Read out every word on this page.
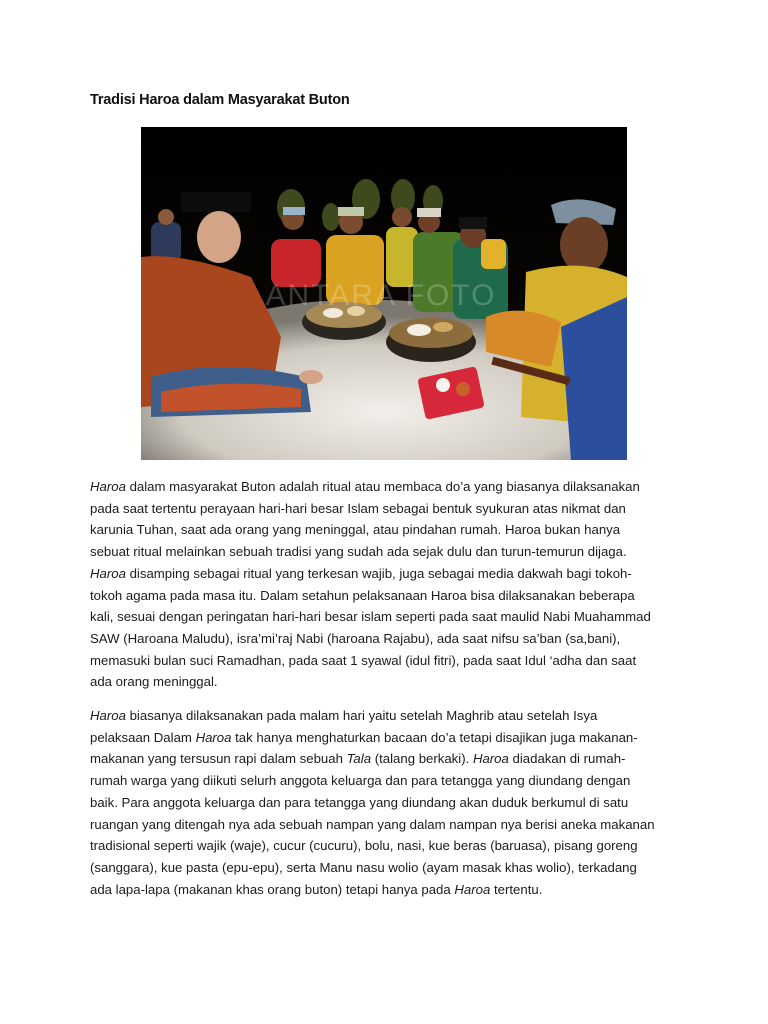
Tradisi Haroa dalam Masyarakat Buton
ANTARA FOTO

Haroa dalam masyarakat Buton adalah ritual atau membaca do’a yang biasanya dilaksanakan
pada saat tertentu perayaan hari-hari besar Islam sebagai bentuk syukuran atas nikmat dan
karunia Tuhan, saat ada orang yang meninggal, atau pindahan rumah. Haroa bukan hanya
sebuat ritual melainkan sebuah tradisi yang sudah ada sejak dulu dan turun-temurun dijaga.
Haroa disamping sebagai ritual yang terkesan wajib, juga sebagai media dakwah bagi tokoh-
tokoh agama pada masa itu. Dalam setahun pelaksanaan Haroa bisa dilaksanakan beberapa
kali, sesuai dengan peringatan hari-hari besar islam seperti pada saat maulid Nabi Muahammad
SAW (Haroana Maludu), isra’mi’raj Nabi (haroana Rajabu), ada saat nifsu sa’ban (sa,bani),
memasuki bulan suci Ramadhan, pada saat 1 syawal (idul fitri), pada saat Idul ‘adha dan saat
ada orang meninggal.

Haroa biasanya dilaksanakan pada malam hari yaitu setelah Maghrib atau setelah Isya
pelaksaan Dalam Haroa tak hanya menghaturkan bacaan do’a tetapi disajikan juga makanan-
makanan yang tersusun rapi dalam sebuah Tala (talang berkaki). Haroa diadakan di rumah-
rumah warga yang diikuti selurh anggota keluarga dan para tetangga yang diundang dengan
baik. Para anggota keluarga dan para tetangga yang diundang akan duduk berkumul di satu
ruangan yang ditengah nya ada sebuah nampan yang dalam nampan nya berisi aneka makanan
tradisional seperti wajik (waje), cucur (cucuru), bolu, nasi, kue beras (baruasa), pisang goreng
(sanggara), kue pasta (epu-epu), serta Manu nasu wolio (ayam masak khas wolio), terkadang
ada lapa-lapa (makanan khas orang buton) tetapi hanya pada Haroa tertentu.
